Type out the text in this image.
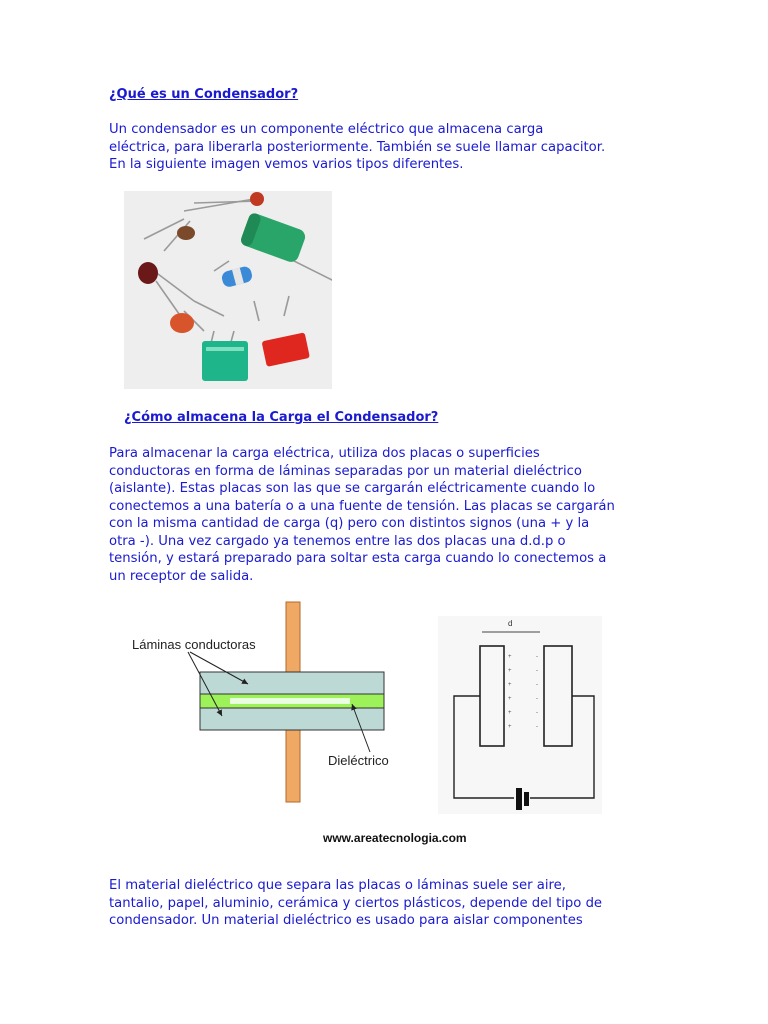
¿Qué es un Condensador?

Un condensador es un componente eléctrico que almacena carga
eléctrica, para liberarla posteriormente. También se suele llamar capacitor.
En la siguiente imagen vemos varios tipos diferentes.

¿Cómo almacena la Carga el Condensador?

Para almacenar la carga eléctrica, utiliza dos placas o superficies
conductoras en forma de láminas separadas por un material dieléctrico
(aislante). Estas placas son las que se cargarán eléctricamente cuando lo
conectemos a una batería o a una fuente de tensión. Las placas se cargarán
con la misma cantidad de carga (q) pero con distintos signos (una + y la
otra -). Una vez cargado ya tenemos entre las dos placas una d.d.p o
tensión, y estará preparado para soltar esta carga cuando lo conectemos a
un receptor de salida.

Láminas conductoras
Dieléctrico
d
+
+
+
+
+
+
-
-
-
-
-
-
www.areatecnologia.com

El material dieléctrico que separa las placas o láminas suele ser aire,
tantalio, papel, aluminio, cerámica y ciertos plásticos, depende del tipo de
condensador. Un material dieléctrico es usado para aislar componentes
